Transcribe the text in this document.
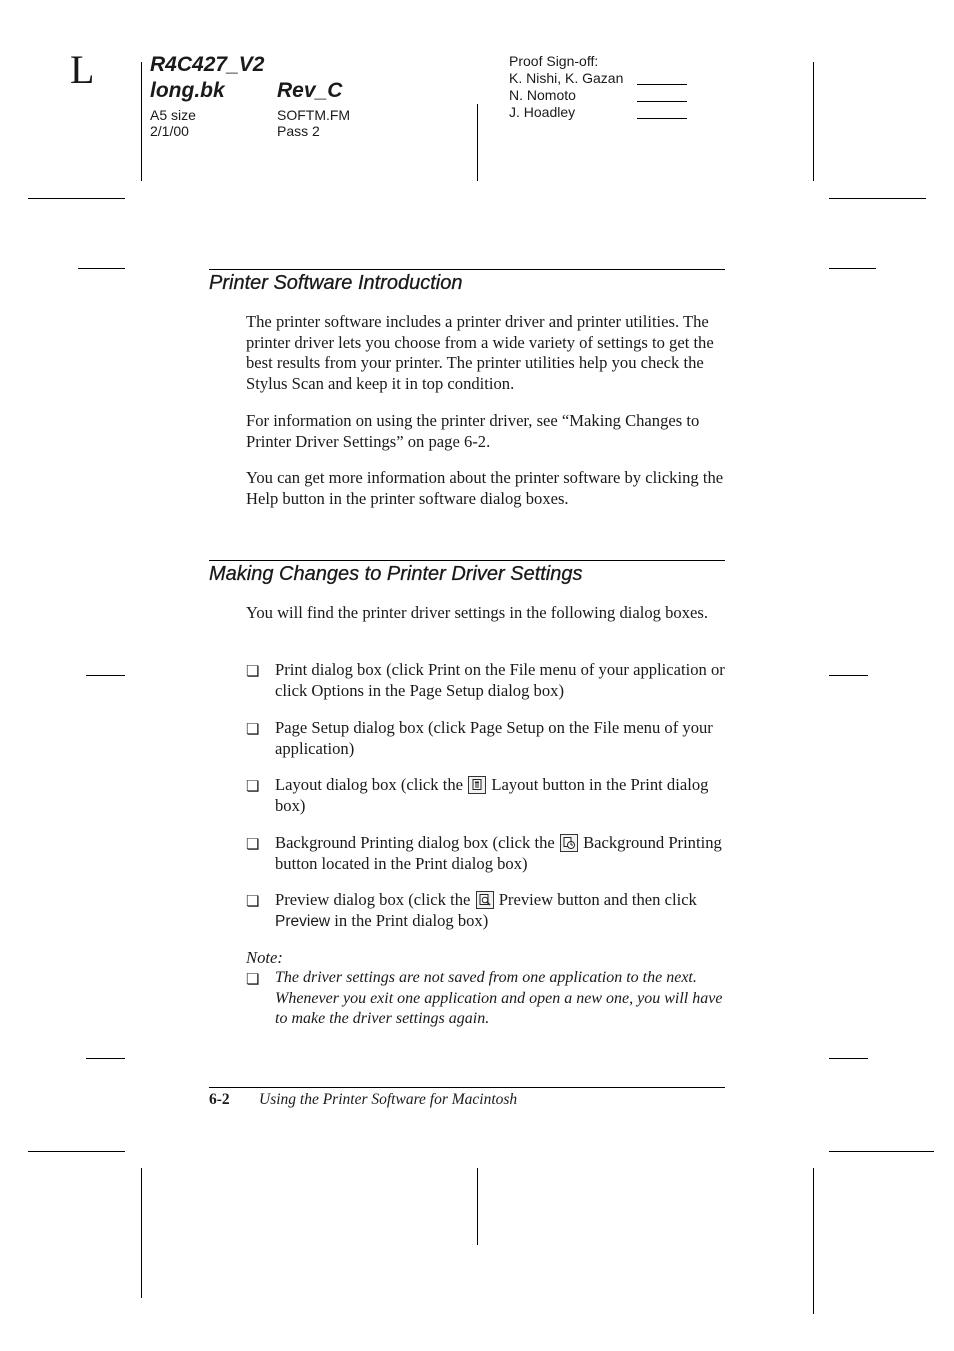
L	R4C427_V2
long.bk Rev_C
A5 size
2/1/00
SOFTM.FM
Pass 2
Proof Sign-off:
K. Nishi, K. Gazan
N. Nomoto
J. Hoadley
Printer Software Introduction
The printer software includes a printer driver and printer utilities. The printer driver lets you choose from a wide variety of settings to get the best results from your printer. The printer utilities help you check the Stylus Scan and keep it in top condition.
For information on using the printer driver, see “Making Changes to Printer Driver Settings” on page 6-2.
You can get more information about the printer software by clicking the Help button in the printer software dialog boxes.
Making Changes to Printer Driver Settings
You will find the printer driver settings in the following dialog boxes.
❏ Print dialog box (click Print on the File menu of your application or click Options in the Page Setup dialog box)
❏ Page Setup dialog box (click Page Setup on the File menu of your application)
❏ Layout dialog box (click the Layout button in the Print dialog box)
❏ Background Printing dialog box (click the Background Printing button located in the Print dialog box)
❏ Preview dialog box (click the Preview button and then click Preview in the Print dialog box)
Note:
❏ The driver settings are not saved from one application to the next. Whenever you exit one application and open a new one, you will have to make the driver settings again.
6-2 Using the Printer Software for Macintosh
